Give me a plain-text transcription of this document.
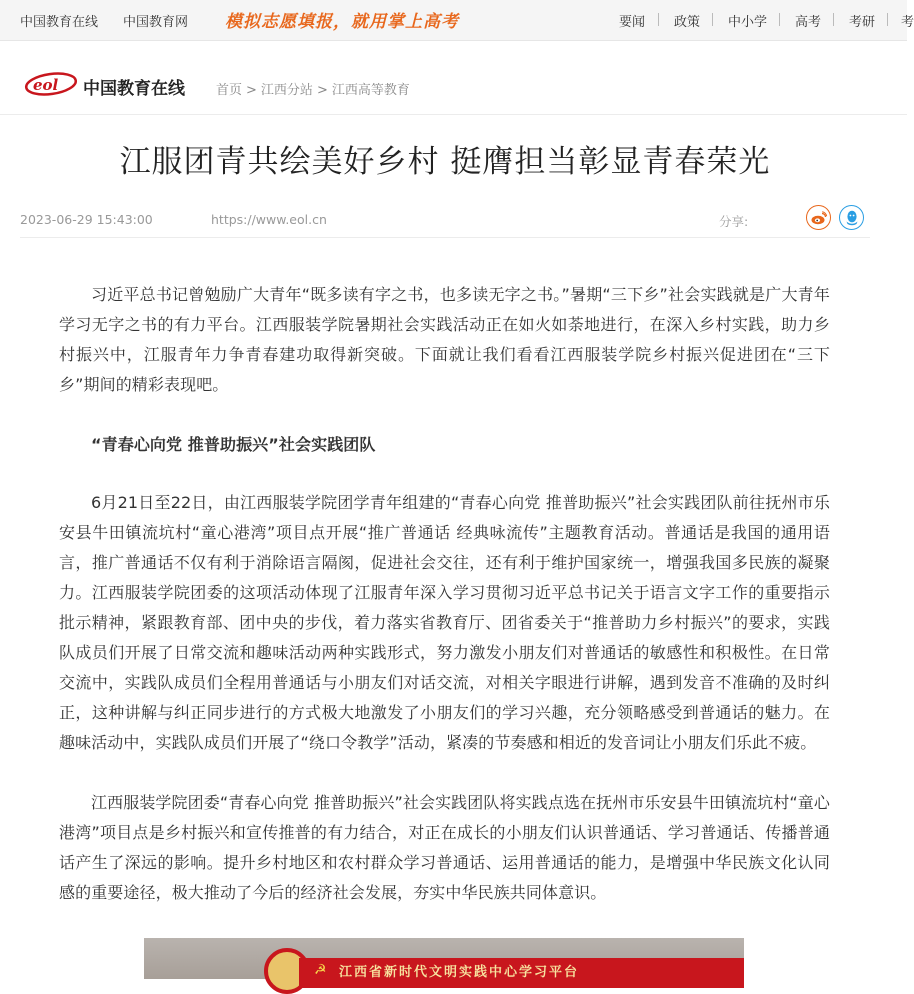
中国教育在线 中国教育网 模拟志愿填报，就用掌上高考	要闻 政策 中小学 高考 考研 考
eol 中国教育在线 首页 > 江西分站 > 江西高等教育
江服团青共绘美好乡村 挺膺担当彰显青春荣光
2023-06-29 15:43:00	https://www.eol.cn	分享:

习近平总书记曾勉励广大青年“既多读有字之书，也多读无字之书。”暑期“三下乡”社会实践就是广大青年学习无字之书的有力平台。江西服装学院暑期社会实践活动正在如火如荼地进行，在深入乡村实践，助力乡村振兴中，江服青年力争青春建功取得新突破。下面就让我们看看江西服装学院乡村振兴促进团在“三下乡”期间的精彩表现吧。

“青春心向党 推普助振兴”社会实践团队

6月21日至22日，由江西服装学院团学青年组建的“青春心向党 推普助振兴”社会实践团队前往抚州市乐安县牛田镇流坑村“童心港湾”项目点开展“推广普通话 经典咏流传”主题教育活动。普通话是我国的通用语言，推广普通话不仅有利于消除语言隔阂，促进社会交往，还有利于维护国家统一，增强我国多民族的凝聚力。江西服装学院团委的这项活动体现了江服青年深入学习贯彻习近平总书记关于语言文字工作的重要指示批示精神，紧跟教育部、团中央的步伐，着力落实省教育厅、团省委关于“推普助力乡村振兴”的要求，实践队成员们开展了日常交流和趣味活动两种实践形式，努力激发小朋友们对普通话的敏感性和积极性。在日常交流中，实践队成员们全程用普通话与小朋友们对话交流，对相关字眼进行讲解，遇到发音不准确的及时纠正，这种讲解与纠正同步进行的方式极大地激发了小朋友们的学习兴趣，充分领略感受到普通话的魅力。在趣味活动中，实践队成员们开展了“绕口令教学”活动，紧凑的节奏感和相近的发音词让小朋友们乐此不疲。

江西服装学院团委“青春心向党 推普助振兴”社会实践团队将实践点选在抚州市乐安县牛田镇流坑村“童心港湾”项目点是乡村振兴和宣传推普的有力结合，对正在成长的小朋友们认识普通话、学习普通话、传播普通话产生了深远的影响。提升乡村地区和农村群众学习普通话、运用普通话的能力，是增强中华民族文化认同感的重要途径，极大推动了今后的经济社会发展，夯实中华民族共同体意识。

☭ 江西省新时代文明实践中心学习平台
